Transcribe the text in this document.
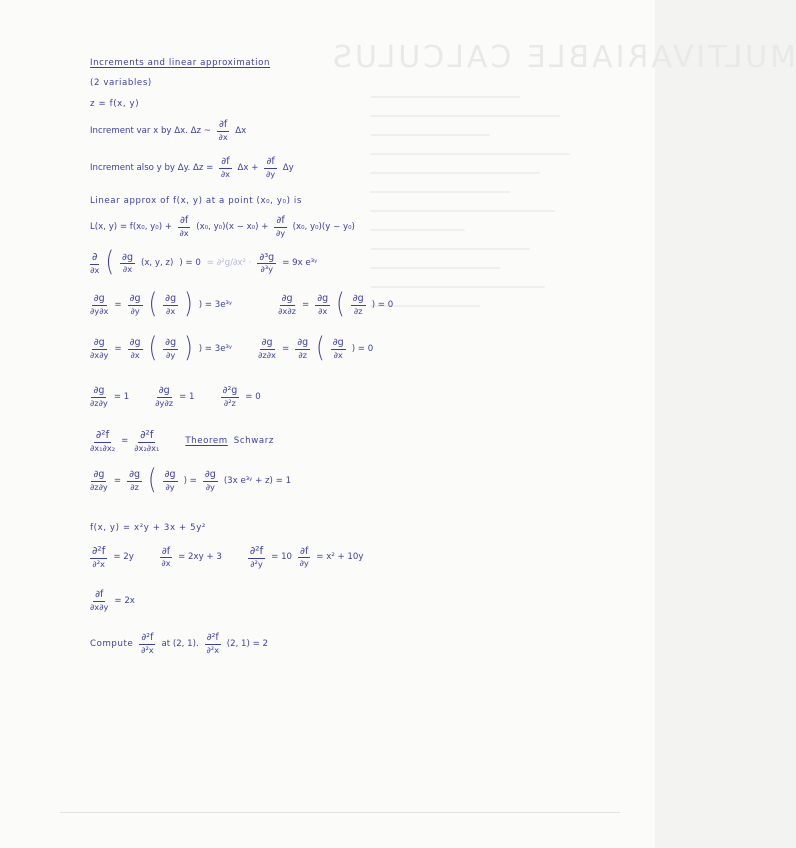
MULTIVARIABLE CALCULUS
Increments and linear approximation
(2 variables)
z = f(x, y)
Increment var x by Δx. Δz ~ $\frac{\partial f}{\partial x}$ Δx
Increment also y by Δy. $\Delta z = \frac{\partial f}{\partial x}$ $\Delta x + \frac{\partial f}{\partial y}$ Δy
Linear approx of f(x, y) at a point (x₀, y₀) is
L(x, y) = f(x₀, $y_0) + \frac{\partial f}{\partial x} (x_0$, $y_0)(x - x_0) + \frac{\partial f}{\partial y} (x_0$, y₀)(y − y₀)
$\frac{\partial}{\partial x}$ ( $\frac{\partial g}{\partial x} (x$, y, z) ) = $0 = \partial^2g/\partial x^2 \cdot \frac{\text{∂³g}}{\text{∂³y}} = 9x$ e³ʸ
$\frac{\partial g}{\partial y\partial x} = \frac{\partial g}{\partial y}$ ( $\frac{\partial g}{\partial x}$ ) ) = 3e³ʸ	$\frac{\partial g}{\partial x\partial z} = \frac{\partial g}{\partial x}$ ( $\frac{\partial g}{\partial z}$ ) = 0
$\frac{\partial g}{\partial x\partial y} = \frac{\partial g}{\partial x}$ ( $\frac{\partial g}{\partial y}$ ) ) = 3e³ʸ	$\frac{\partial g}{\partial z\partial x} = \frac{\partial g}{\partial z}$ ( $\frac{\partial g}{\partial x}$ ) = 0
$\frac{\partial g}{\partial z\partial y} = 1$	$\frac{\partial g}{\partial y\partial z} = 1$	$\frac{\text{∂²g}}{\text{∂²z}} = 0$
$\frac{\text{∂²f}}{\text{∂x₁∂x₂}} = \frac{\text{∂²f}}{\text{∂x₂∂x₁}}$	Theorem Schwarz
$\frac{\partial g}{\partial z\partial y} = \frac{\partial g}{\partial z}$ ( $\frac{\partial g}{\partial y}$ ) = $\frac{\partial g}{\partial y} (3x$ e³ʸ + z) = 1
f(x, y) = x²y + 3x + 5y²
$\frac{\text{∂²f}}{\text{∂²x}} = 2y$	$\frac{\partial f}{\partial x} = 2xy + 3 \frac{\text{∂²f}}{\text{∂²y}} = 10 \frac{\partial f}{\partial y} = x^2 + 10y$
$\frac{\partial f}{\partial x\partial y} = 2x$
Compute $\frac{\text{∂²f}}{\text{∂²x}}$ at (2, 1). $\frac{\text{∂²f}}{\text{∂²x}} (2$, 1) = 2
